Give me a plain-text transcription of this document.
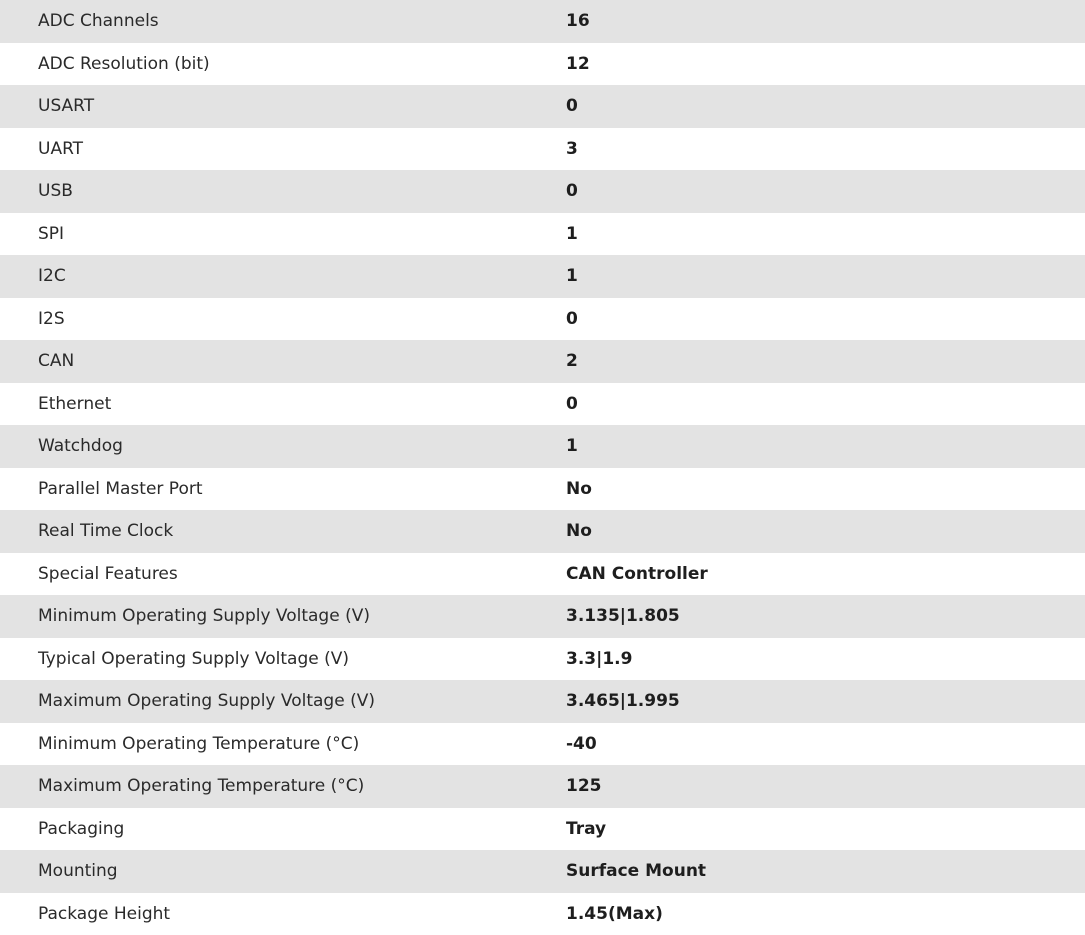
ADC Channels	16
ADC Resolution (bit)	12
USART	0
UART	3
USB	0
SPI	1
I2C	1
I2S	0
CAN	2
Ethernet	0
Watchdog	1
Parallel Master Port	No
Real Time Clock	No
Special Features	CAN Controller
Minimum Operating Supply Voltage (V)	3.135|1.805
Typical Operating Supply Voltage (V)	3.3|1.9
Maximum Operating Supply Voltage (V)	3.465|1.995
Minimum Operating Temperature (°C)	-40
Maximum Operating Temperature (°C)	125
Packaging	Tray
Mounting	Surface Mount
Package Height	1.45(Max)
